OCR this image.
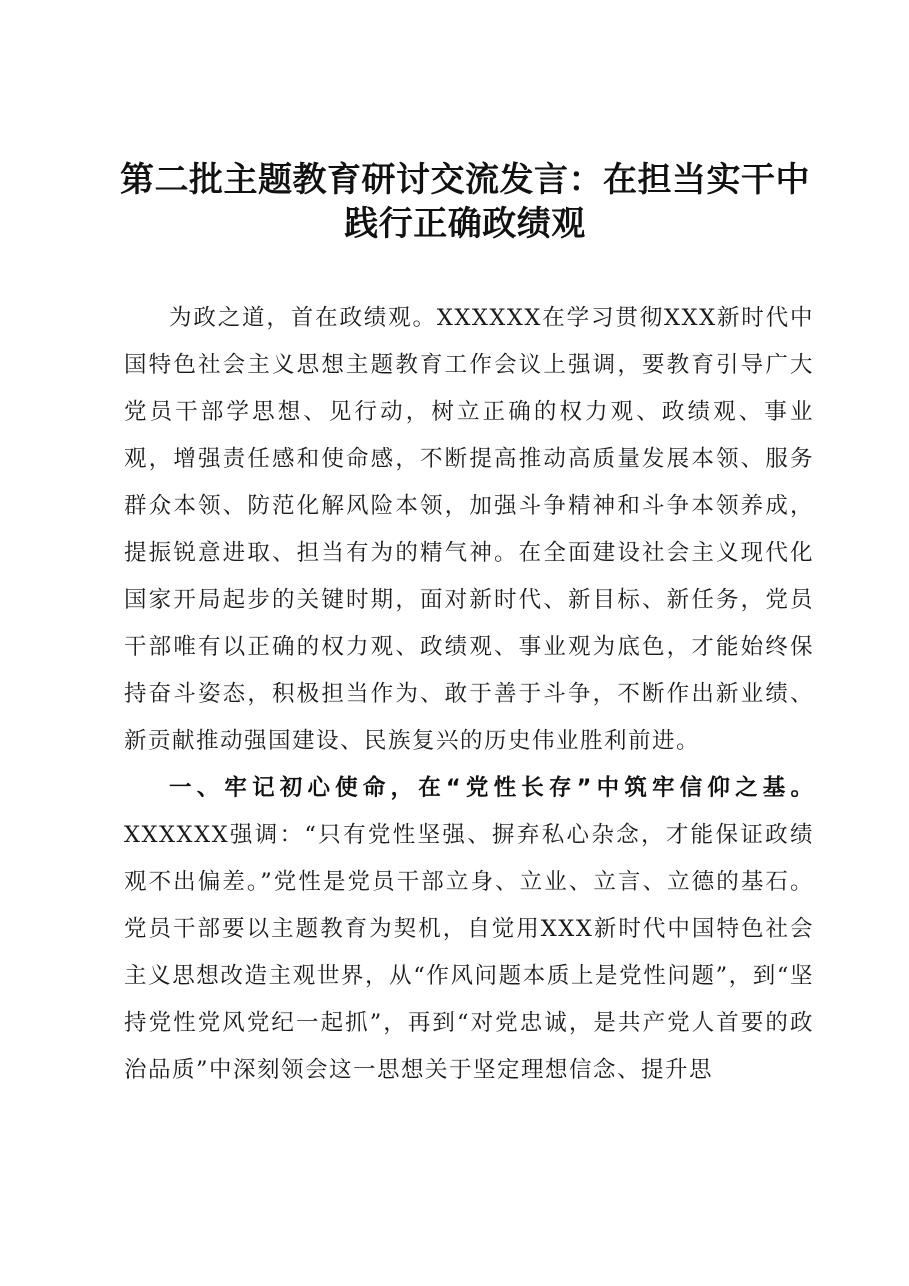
第二批主题教育研讨交流发言：在担当实干中践行正确政绩观

为政之道，首在政绩观。XXXXXX在学习贯彻XXX新时代中国特色社会主义思想主题教育工作会议上强调，要教育引导广大党员干部学思想、见行动，树立正确的权力观、政绩观、事业观，增强责任感和使命感，不断提高推动高质量发展本领、服务群众本领、防范化解风险本领，加强斗争精神和斗争本领养成，提振锐意进取、担当有为的精气神。在全面建设社会主义现代化国家开局起步的关键时期，面对新时代、新目标、新任务，党员干部唯有以正确的权力观、政绩观、事业观为底色，才能始终保持奋斗姿态，积极担当作为、敢于善于斗争，不断作出新业绩、新贡献推动强国建设、民族复兴的历史伟业胜利前进。

一、牢记初心使命，在“党性长存”中筑牢信仰之基。XXXXXX强调：“只有党性坚强、摒弃私心杂念，才能保证政绩观不出偏差。”党性是党员干部立身、立业、立言、立德的基石。党员干部要以主题教育为契机，自觉用XXX新时代中国特色社会主义思想改造主观世界，从“作风问题本质上是党性问题”，到“坚持党性党风党纪一起抓”，再到“对党忠诚，是共产党人首要的政治品质”中深刻领会这一思想关于坚定理想信念、提升思
